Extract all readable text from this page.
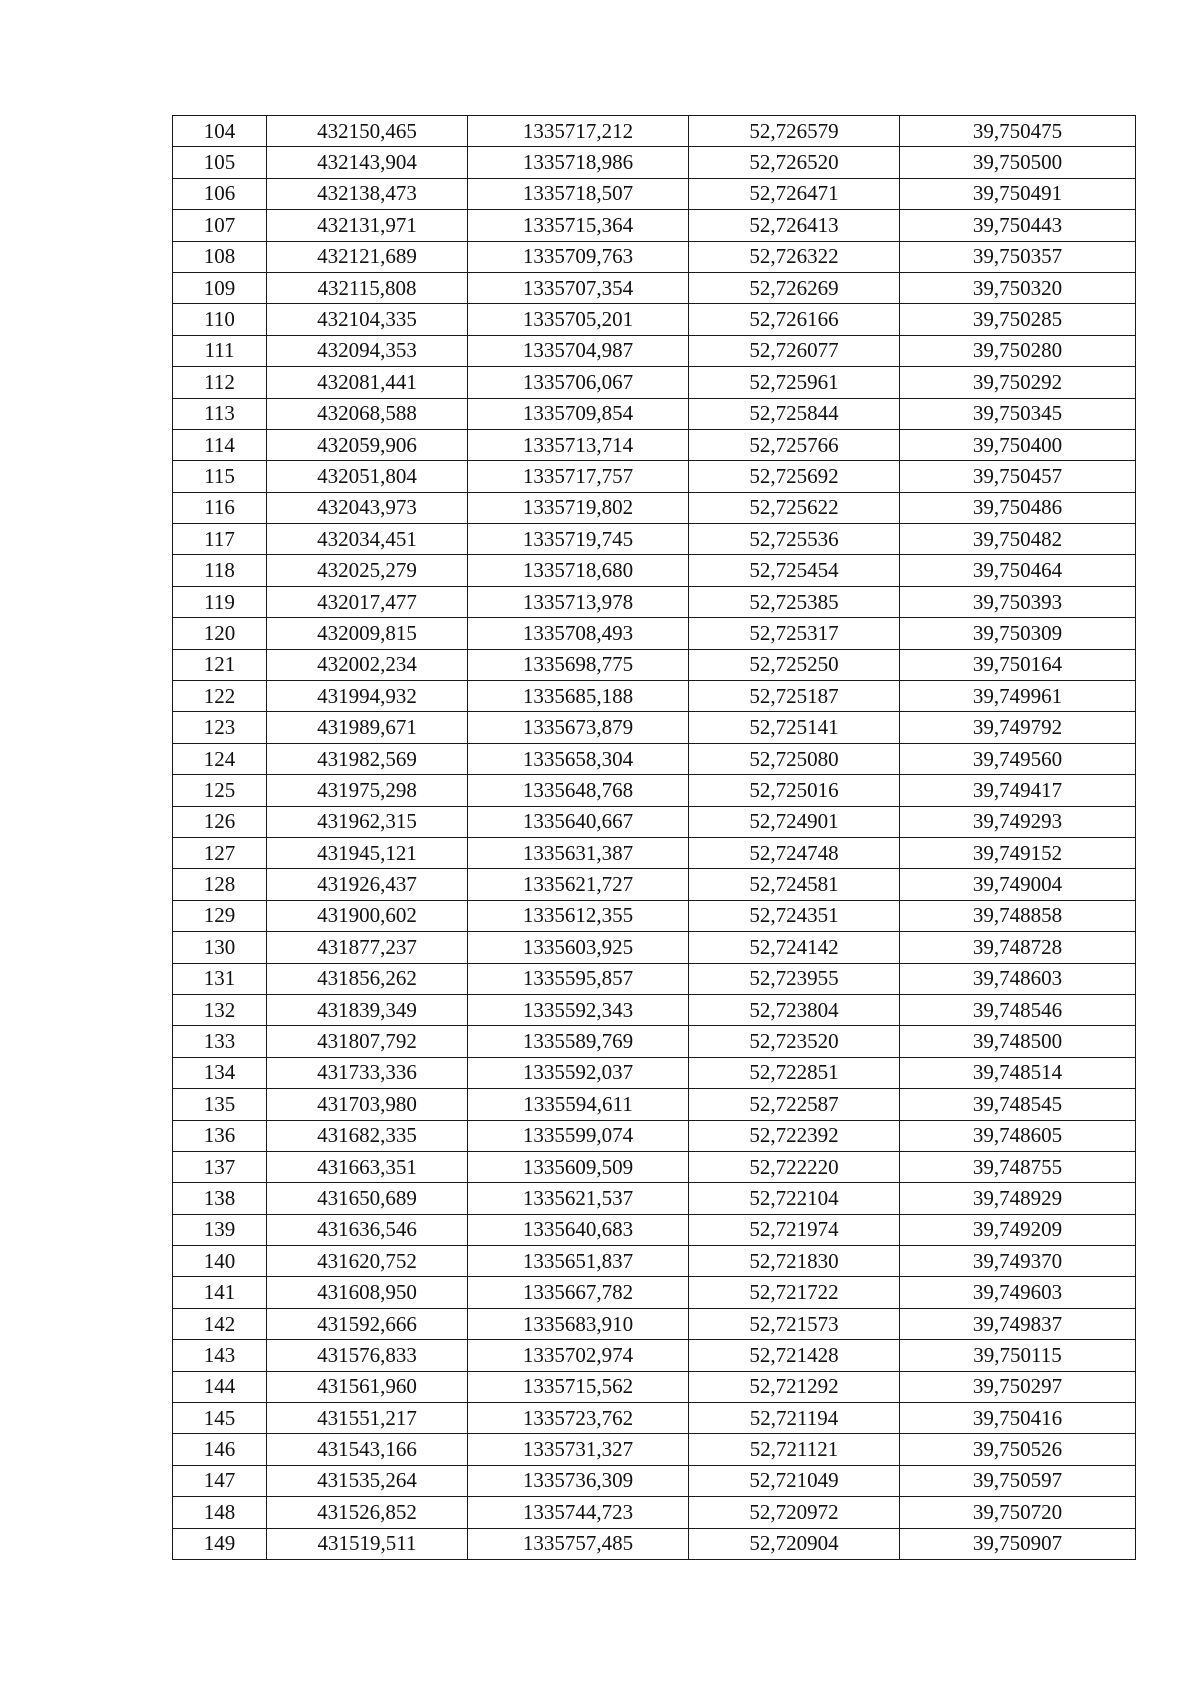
104	432150,465	1335717,212	52,726579	39,750475
105	432143,904	1335718,986	52,726520	39,750500
106	432138,473	1335718,507	52,726471	39,750491
107	432131,971	1335715,364	52,726413	39,750443
108	432121,689	1335709,763	52,726322	39,750357
109	432115,808	1335707,354	52,726269	39,750320
110	432104,335	1335705,201	52,726166	39,750285
111	432094,353	1335704,987	52,726077	39,750280
112	432081,441	1335706,067	52,725961	39,750292
113	432068,588	1335709,854	52,725844	39,750345
114	432059,906	1335713,714	52,725766	39,750400
115	432051,804	1335717,757	52,725692	39,750457
116	432043,973	1335719,802	52,725622	39,750486
117	432034,451	1335719,745	52,725536	39,750482
118	432025,279	1335718,680	52,725454	39,750464
119	432017,477	1335713,978	52,725385	39,750393
120	432009,815	1335708,493	52,725317	39,750309
121	432002,234	1335698,775	52,725250	39,750164
122	431994,932	1335685,188	52,725187	39,749961
123	431989,671	1335673,879	52,725141	39,749792
124	431982,569	1335658,304	52,725080	39,749560
125	431975,298	1335648,768	52,725016	39,749417
126	431962,315	1335640,667	52,724901	39,749293
127	431945,121	1335631,387	52,724748	39,749152
128	431926,437	1335621,727	52,724581	39,749004
129	431900,602	1335612,355	52,724351	39,748858
130	431877,237	1335603,925	52,724142	39,748728
131	431856,262	1335595,857	52,723955	39,748603
132	431839,349	1335592,343	52,723804	39,748546
133	431807,792	1335589,769	52,723520	39,748500
134	431733,336	1335592,037	52,722851	39,748514
135	431703,980	1335594,611	52,722587	39,748545
136	431682,335	1335599,074	52,722392	39,748605
137	431663,351	1335609,509	52,722220	39,748755
138	431650,689	1335621,537	52,722104	39,748929
139	431636,546	1335640,683	52,721974	39,749209
140	431620,752	1335651,837	52,721830	39,749370
141	431608,950	1335667,782	52,721722	39,749603
142	431592,666	1335683,910	52,721573	39,749837
143	431576,833	1335702,974	52,721428	39,750115
144	431561,960	1335715,562	52,721292	39,750297
145	431551,217	1335723,762	52,721194	39,750416
146	431543,166	1335731,327	52,721121	39,750526
147	431535,264	1335736,309	52,721049	39,750597
148	431526,852	1335744,723	52,720972	39,750720
149	431519,511	1335757,485	52,720904	39,750907
